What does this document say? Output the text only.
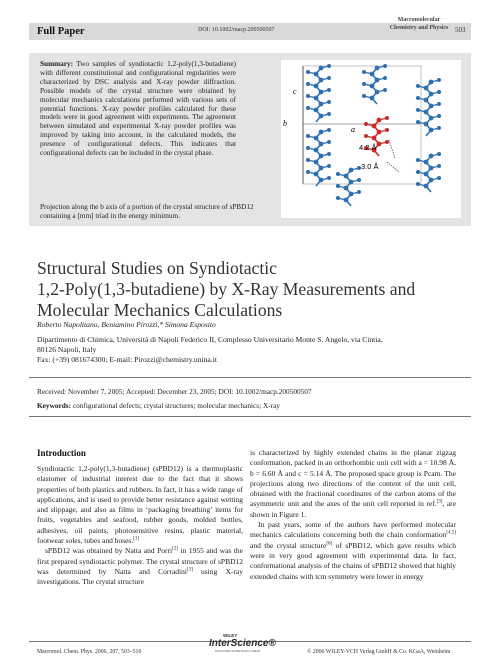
Full Paper	DOI: 10.1002/macp.200500507
Macromolecular
Chemistry and Physics 503
Summary: Two samples of syndiotactic 1,2-poly(1,3-butadiene) with different constitutional and configurational regularities were characterized by DSC analysis and X-ray powder diffraction. Possible models of the crystal structure were obtained by molecular mechanics calculations performed with various sets of potential functions. X-ray powder profiles calculated for these models were in good agreement with experiments. The agreement between simulated and experimental X-ray powder profiles was improved by taking into account, in the calculated models, the presence of configurational defects. This indicates that configurational defects can be included in the crystal phase.
Projection along the b axis of a portion of the crystal structure of sPBD12 containing a [mm] triad in the energy minimum.
c
b
a
4.2 Å
3.0 Å
Structural Studies on Syndiotactic
1,2-Poly(1,3-butadiene) by X-Ray Measurements and
Molecular Mechanics Calculations
Roberto Napolitano, Beniamino Pirozzi,* Simona Esposito
Dipartimento di Chimica, Università di Napoli Federico II, Complesso Universitario Monte S. Angelo, via Cintia,
80126 Napoli, Italy
Fax: (+39) 081674300; E-mail: Pirozzi@chemistry.unina.it
Received: November 7, 2005; Accepted: December 23, 2005; DOI: 10.1002/macp.200500507
Keywords: configurational defects; crystal structures; molecular mechanics; X-ray
Introduction

Syndiotactic 1,2-poly(1,3-butadiene) (sPBD12) is a thermoplastic elastomer of industrial interest due to the fact that it shows properties of both plastics and rubbers. In fact, it has a wide range of applications, and is used to provide better resistance against wetting and slippage, and also as films in ‘packaging breathing’ items for fruits, vegetables and seafood, rubber goods, molded bottles, adhesives, oil paints, photosensitive resins, plastic material, footwear soles, tubes and hoses.[1]

sPBD12 was obtained by Natta and Porri[2] in 1955 and was the first prepared syndiotactic polymer. The crystal structure of sPBD12 was determined by Natta and Corradini[3] using X-ray investigations. The crystal structure

is characterized by highly extended chains in the planar zigzag conformation, packed in an orthorhombic unit cell with a = 10.98 Å, b = 6.60 Å and c = 5.14 Å. The proposed space group is Pcam. The projections along two directions of the content of the unit cell, obtained with the fractional coordinates of the carbon atoms of the asymmetric unit and the axes of the unit cell reported in ref.[3], are shown in Figure 1.

In past years, some of the authors have performed molecular mechanics calculations concerning both the chain conformation[4,5] and the crystal structure[6] of sPBD12, which gave results which were in very good agreement with experimental data. In fact, conformational analysis of the chains of sPBD12 showed that highly extended chains with tcm symmetry were lower in energy

Macromol. Chem. Phys. 2006, 207, 503–510
WILEY
InterScience®
DISCOVER SOMETHING GREAT	© 2006 WILEY-VCH Verlag GmbH & Co. KGaA, Weinheim
